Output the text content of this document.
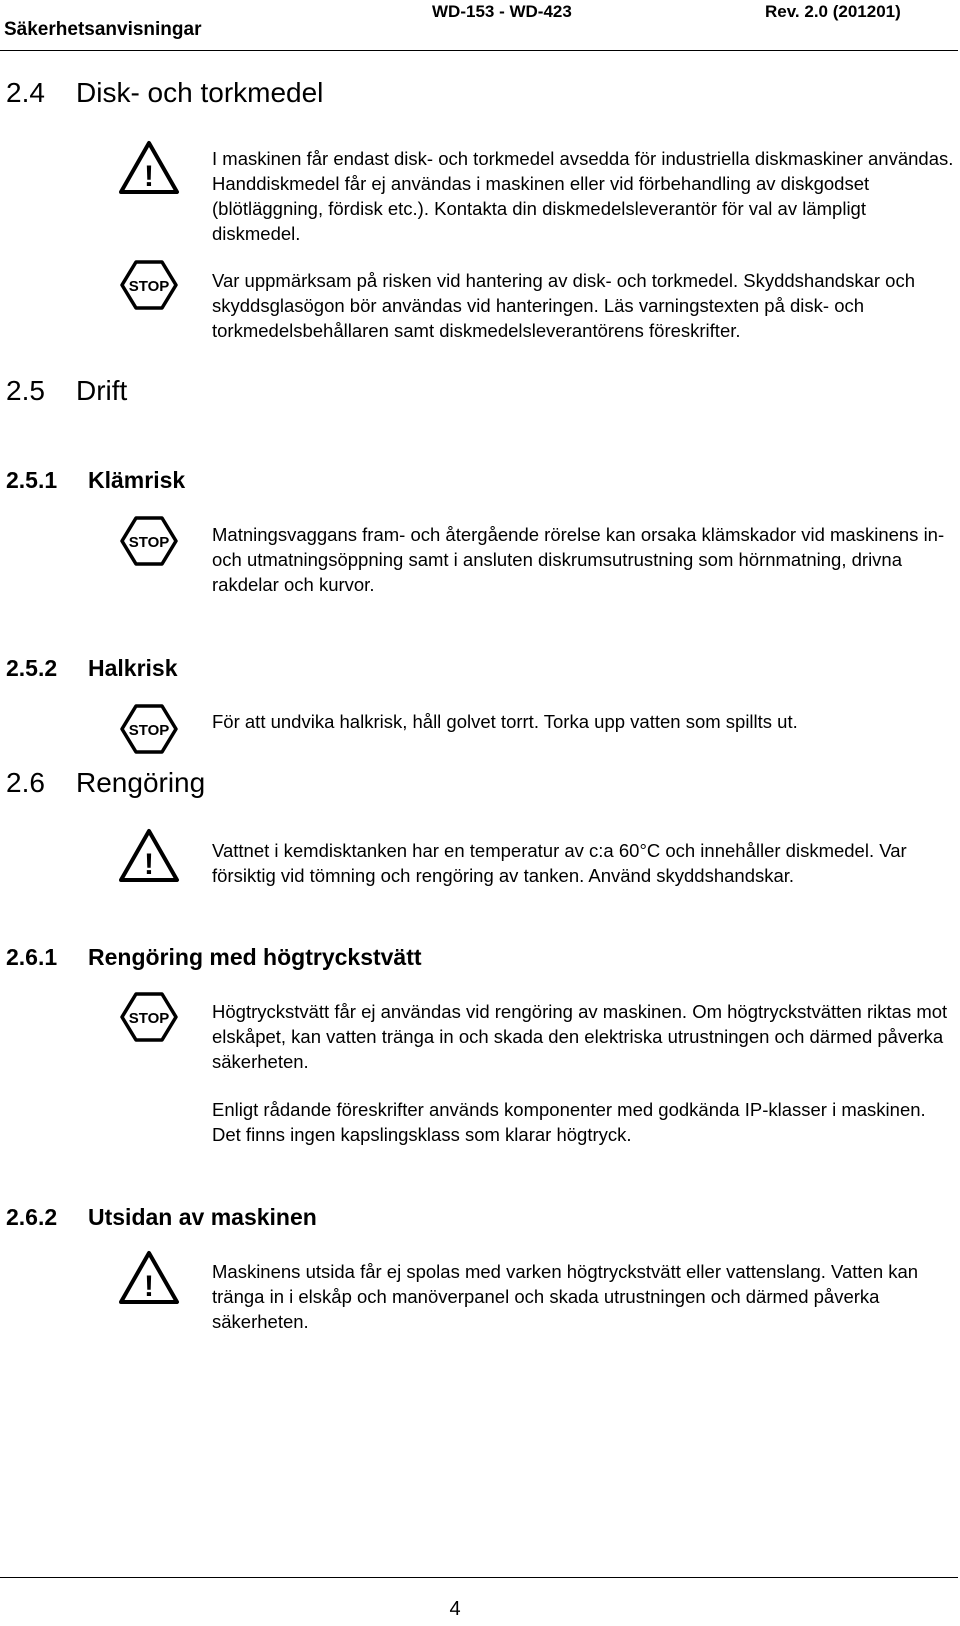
Säkerhetsanvisningar
WD-153 - WD-423	Rev. 2.0 (201201)
2.4 Disk- och torkmedel
!

I maskinen får endast disk- och torkmedel avsedda för industriella diskmaskiner användas. Handdiskmedel får ej användas i maskinen eller vid förbehandling av diskgodset (blötläggning, fördisk etc.). Kontakta din diskmedelsleverantör för val av lämpligt diskmedel.

STOP Var uppmärksam på risken vid hantering av disk- och torkmedel. Skyddshandskar och skyddsglasögon bör användas vid hanteringen. Läs varningstexten på disk- och torkmedelsbehållaren samt diskmedelsleverantörens föreskrifter.

2.5 Drift
2.5.1 Klämrisk
STOP Matningsvaggans fram- och återgående rörelse kan orsaka klämskador vid maskinens in- och utmatningsöppning samt i ansluten diskrumsutrustning som hörnmatning, drivna rakdelar och kurvor.

2.5.2 Halkrisk
STOP För att undvika halkrisk, håll golvet torrt. Torka upp vatten som spillts ut.

2.6 Rengöring
!	Vattnet i kemdisktanken har en temperatur av c:a 60°C och innehåller diskmedel. Var försiktig vid tömning och rengöring av tanken. Använd skyddshandskar.

2.6.1 Rengöring med högtryckstvätt
STOP Högtryckstvätt får ej användas vid rengöring av maskinen. Om högtryckstvätten riktas mot elskåpet, kan vatten tränga in och skada den elektriska utrustningen och därmed påverka säkerheten.

Enligt rådande föreskrifter används komponenter med godkända IP-klasser i maskinen. Det finns ingen kapslingsklass som klarar högtryck.

2.6.2 Utsidan av maskinen
!	Maskinens utsida får ej spolas med varken högtryckstvätt eller vattenslang. Vatten kan tränga in i elskåp och manöverpanel och skada utrustningen och därmed påverka säkerheten.

4
